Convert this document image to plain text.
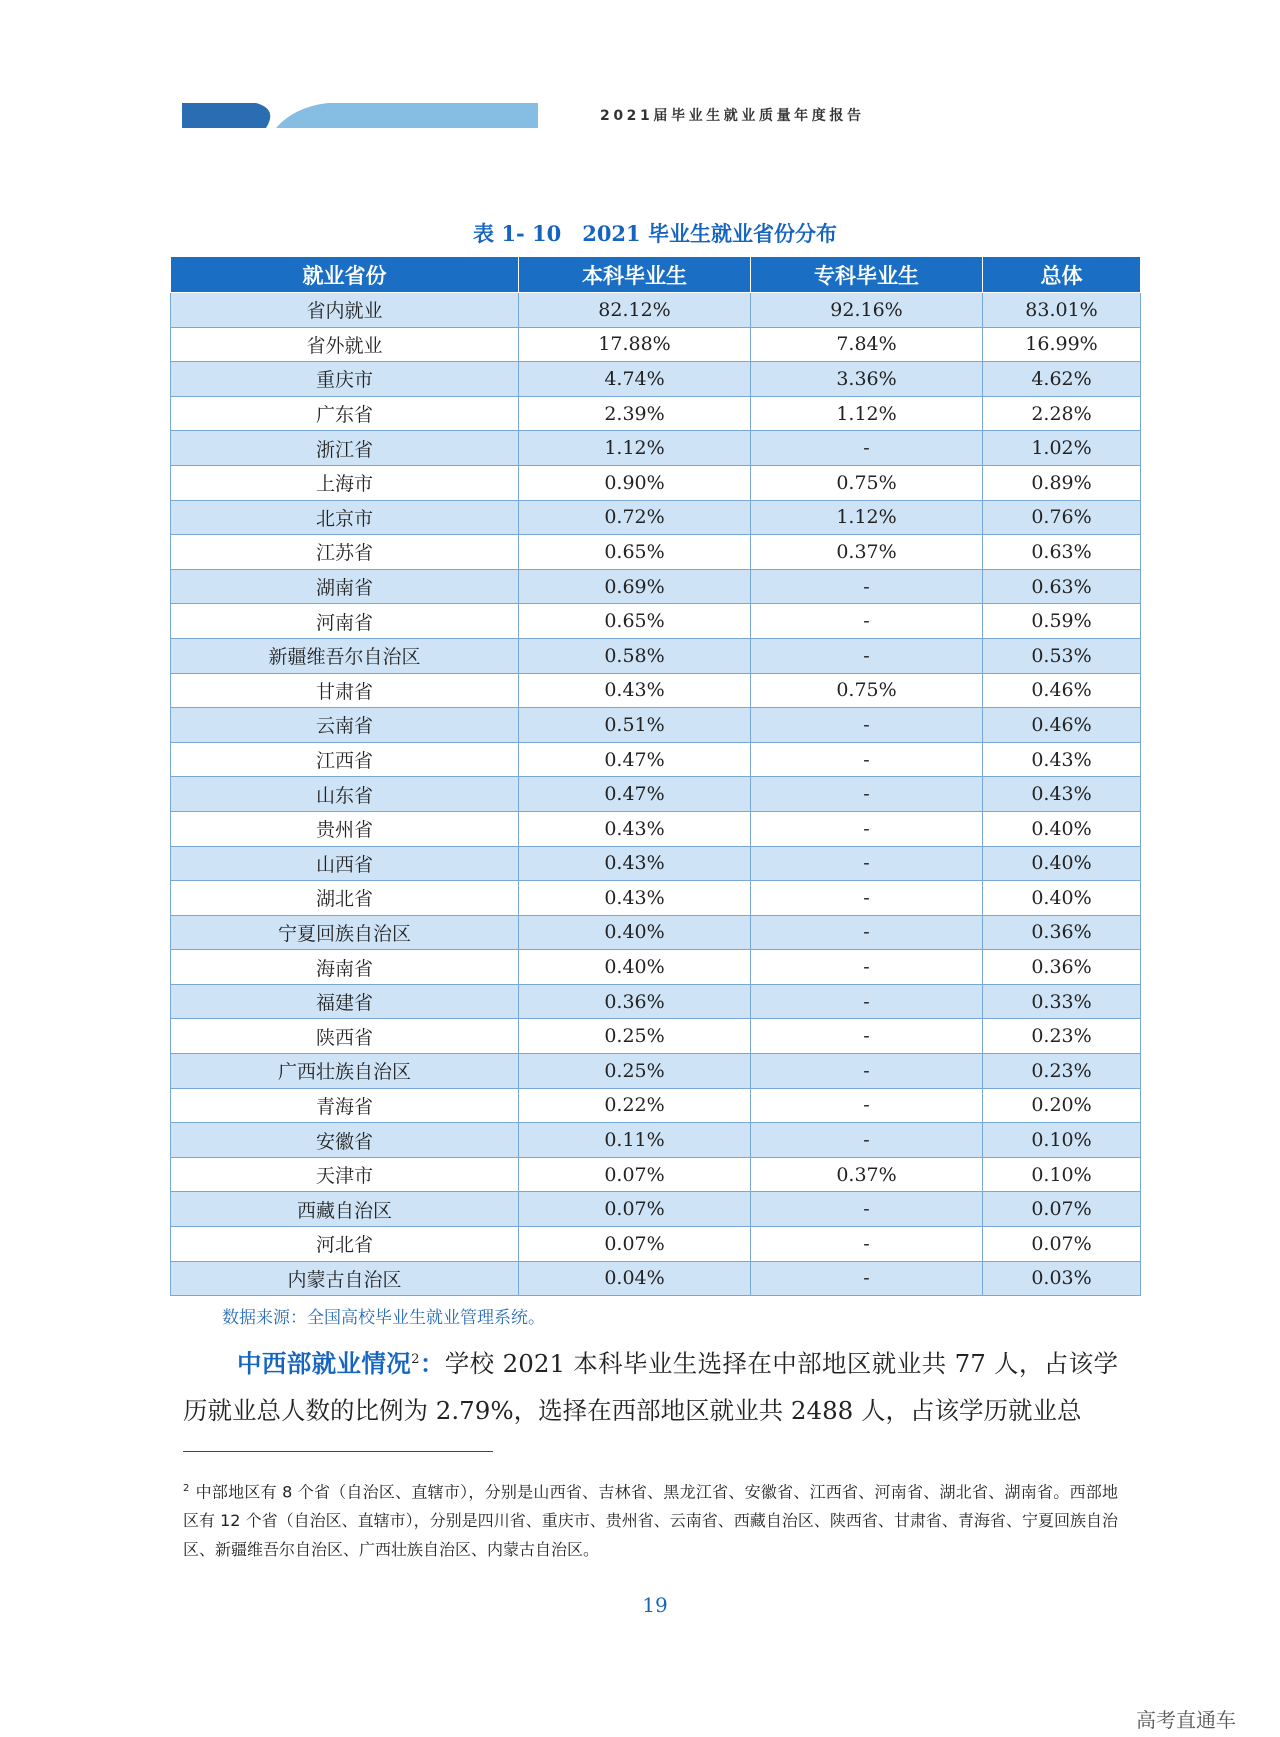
2021届毕业生就业质量年度报告
表 1- 10　2021 毕业生就业省份分布
就业省份	本科毕业生	专科毕业生	总体
省内就业	82.12%	92.16%	83.01%
省外就业	17.88%	7.84%	16.99%
重庆市	4.74%	3.36%	4.62%
广东省	2.39%	1.12%	2.28%
浙江省	1.12%	-	1.02%
上海市	0.90%	0.75%	0.89%
北京市	0.72%	1.12%	0.76%
江苏省	0.65%	0.37%	0.63%
湖南省	0.69%	-	0.63%
河南省	0.65%	-	0.59%
新疆维吾尔自治区	0.58%	-	0.53%
甘肃省	0.43%	0.75%	0.46%
云南省	0.51%	-	0.46%
江西省	0.47%	-	0.43%
山东省	0.47%	-	0.43%
贵州省	0.43%	-	0.40%
山西省	0.43%	-	0.40%
湖北省	0.43%	-	0.40%
宁夏回族自治区	0.40%	-	0.36%
海南省	0.40%	-	0.36%
福建省	0.36%	-	0.33%
陕西省	0.25%	-	0.23%
广西壮族自治区	0.25%	-	0.23%
青海省	0.22%	-	0.20%
安徽省	0.11%	-	0.10%
天津市	0.07%	0.37%	0.10%
西藏自治区	0.07%	-	0.07%
河北省	0.07%	-	0.07%
内蒙古自治区	0.04%	-	0.03%
数据来源：全国高校毕业生就业管理系统。
中西部就业情况$^2$：学校 2021 本科毕业生选择在中部地区就业共 77 人，占该学历就业总人数的比例为 2.79%，选择在西部地区就业共 2488 人，占该学历就业总
$^2$ 中部地区有 8 个省（自治区、直辖市），分别是山西省、吉林省、黑龙江省、安徽省、江西省、河南省、湖北省、湖南省。西部地区有 12 个省（自治区、直辖市），分别是四川省、重庆市、贵州省、云南省、西藏自治区、陕西省、甘肃省、青海省、宁夏回族自治区、新疆维吾尔自治区、广西壮族自治区、内蒙古自治区。
19
高考直通车
